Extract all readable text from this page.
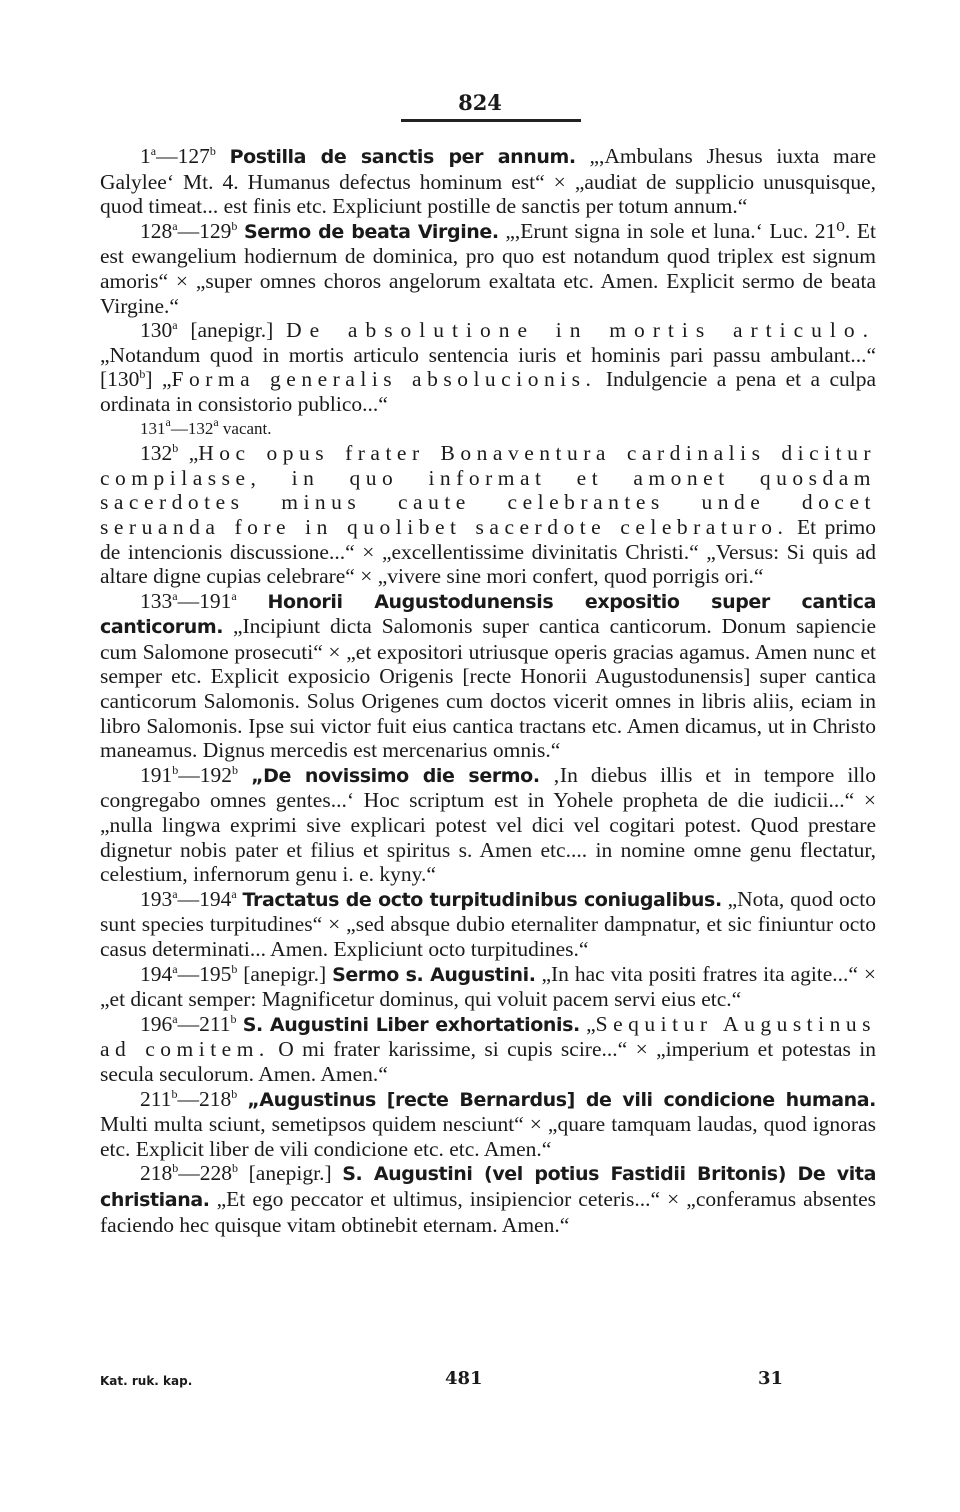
824

1$^a$—127$^b$ Postilla de sanctis per annum. „,Ambulans Jhesus iuxta mare Galylee‘ Mt. 4. Humanus defectus hominum est“ × „audiat de supplicio unusquisque, quod timeat... est finis etc. Expliciunt postille de sanctis per totum annum.“

128$^a$—129$^b$ Sermo de beata Virgine. „,Erunt signa in sole et luna.‘ Luc. 21⁰. Et est ewangelium hodiernum de dominica, pro quo est notandum quod triplex est signum amoris“ × „super omnes choros angelorum exaltata etc. Amen. Explicit sermo de beata Virgine.“

130$^a$ [anepigr.] De absolutione in mortis articulo. „Notandum quod in mortis articulo sentencia iuris et hominis pari passu ambulant...“ [130$^b$] „Forma generalis absolucionis. Indulgencie a pena et a culpa ordinata in consistorio publico...“

131$^a$—132$^a$ vacant.

132$^b$ „Hoc opus frater Bonaventura cardinalis dicitur compilasse, in quo informat et amonet quosdam sacerdotes minus caute celebrantes unde docet seruanda fore in quolibet sacerdote celebraturo. Et primo de intencionis discussione...“ × „excellentissime divinitatis Christi.“ „Versus: Si quis ad altare digne cupias celebrare“ × „vivere sine mori confert, quod porrigis ori.“

133$^a$—191$^a$ Honorii Augustodunensis expositio super cantica canticorum. „Incipiunt dicta Salomonis super cantica canticorum. Donum sapiencie cum Salomone prosecuti“ × „et expositori utriusque operis gracias agamus. Amen nunc et semper etc. Explicit exposicio Origenis [recte Honorii Augustodunensis] super cantica canticorum Salomonis. Solus Origenes cum doctos vicerit omnes in libris aliis, eciam in libro Salomonis. Ipse sui victor fuit eius cantica tractans etc. Amen dicamus, ut in Christo maneamus. Dignus mercedis est mercenarius omnis.“

191$^b$—192$^b$ „De novissimo die sermo. ‚In diebus illis et in tempore illo congregabo omnes gentes...‘ Hoc scriptum est in Yohele propheta de die iudicii...“ × „nulla lingwa exprimi sive explicari potest vel dici vel cogitari potest. Quod prestare dignetur nobis pater et filius et spiritus s. Amen etc.... in nomine omne genu flectatur, celestium, infernorum genu i. e. kyny.“

193$^a$—194$^a$ Tractatus de octo turpitudinibus coniugalibus. „Nota, quod octo sunt species turpitudines“ × „sed absque dubio eternaliter dampnatur, et sic finiuntur octo casus determinati... Amen. Expliciunt octo turpitudines.“

194$^a$—195$^b$ [anepigr.] Sermo s. Augustini. „In hac vita positi fratres ita agite...“ × „et dicant semper: Magnificetur dominus, qui voluit pacem servi eius etc.“

196$^a$—211$^b$ S. Augustini Liber exhortationis. „Sequitur Augustinus ad comitem. O mi frater karissime, si cupis scire...“ × „imperium et potestas in secula seculorum. Amen. Amen.“

211$^b$—218$^b$ „Augustinus [recte Bernardus] de vili condicione humana. Multi multa sciunt, semetipsos quidem nesciunt“ × „quare tamquam laudas, quod ignoras etc. Explicit liber de vili condicione etc. etc. Amen.“

218$^b$—228$^b$ [anepigr.] S. Augustini (vel potius Fastidii Britonis) De vita christiana. „Et ego peccator et ultimus, insipiencior ceteris...“ × „conferamus absentes faciendo hec quisque vitam obtinebit eternam. Amen.“

Kat. ruk. kap.	481	31
